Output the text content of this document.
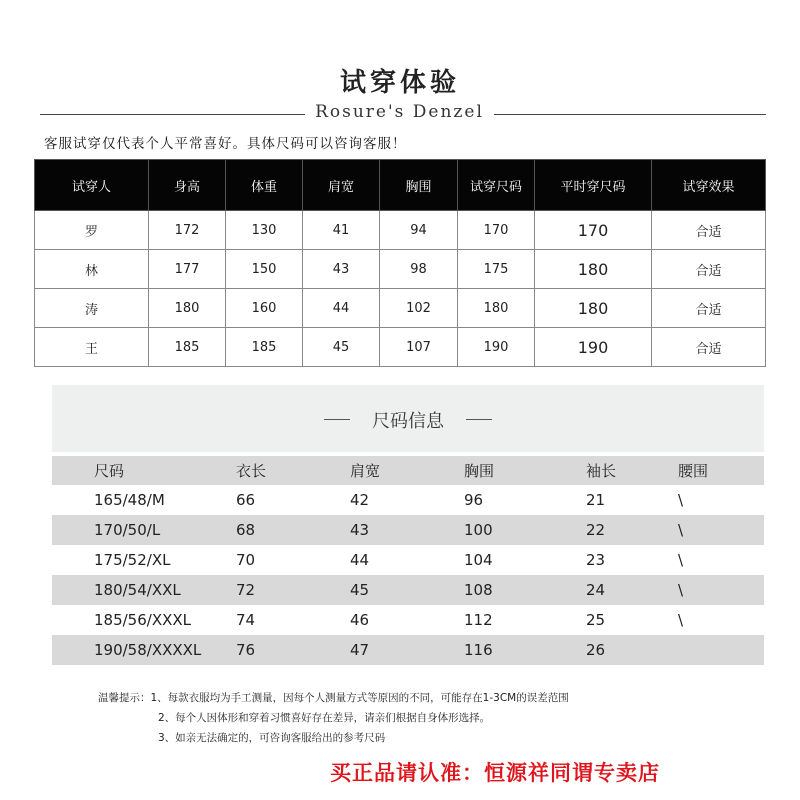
试穿体验
Rosure's Denzel
客服试穿仅代表个人平常喜好。具体尺码可以咨询客服！
试穿人	身高	体重	肩宽	胸围	试穿尺码	平时穿尺码	试穿效果
罗	172	130	41	94	170	170	合适
林	177	150	43	98	175	180	合适
涛	180	160	44	102	180	180	合适
王	185	185	45	107	190	190	合适
尺码信息
尺码	衣长	肩宽	胸围	袖长	腰围
165/48/M	66	42	96	21	\
170/50/L	68	43	100	22	\
175/52/XL	70	44	104	23	\
180/54/XXL	72	45	108	24	\
185/56/XXXL	74	46	112	25	\
190/58/XXXXL	76	47	116	26	
温馨提示：1、每款衣服均为手工测量，因每个人测量方式等原因的不同，可能存在1-3CM的误差范围
2、每个人因体形和穿着习惯喜好存在差异，请亲们根据自身体形选择。
3、如亲无法确定的，可咨询客服给出的参考尺码
买正品请认准：恒源祥同谓专卖店
